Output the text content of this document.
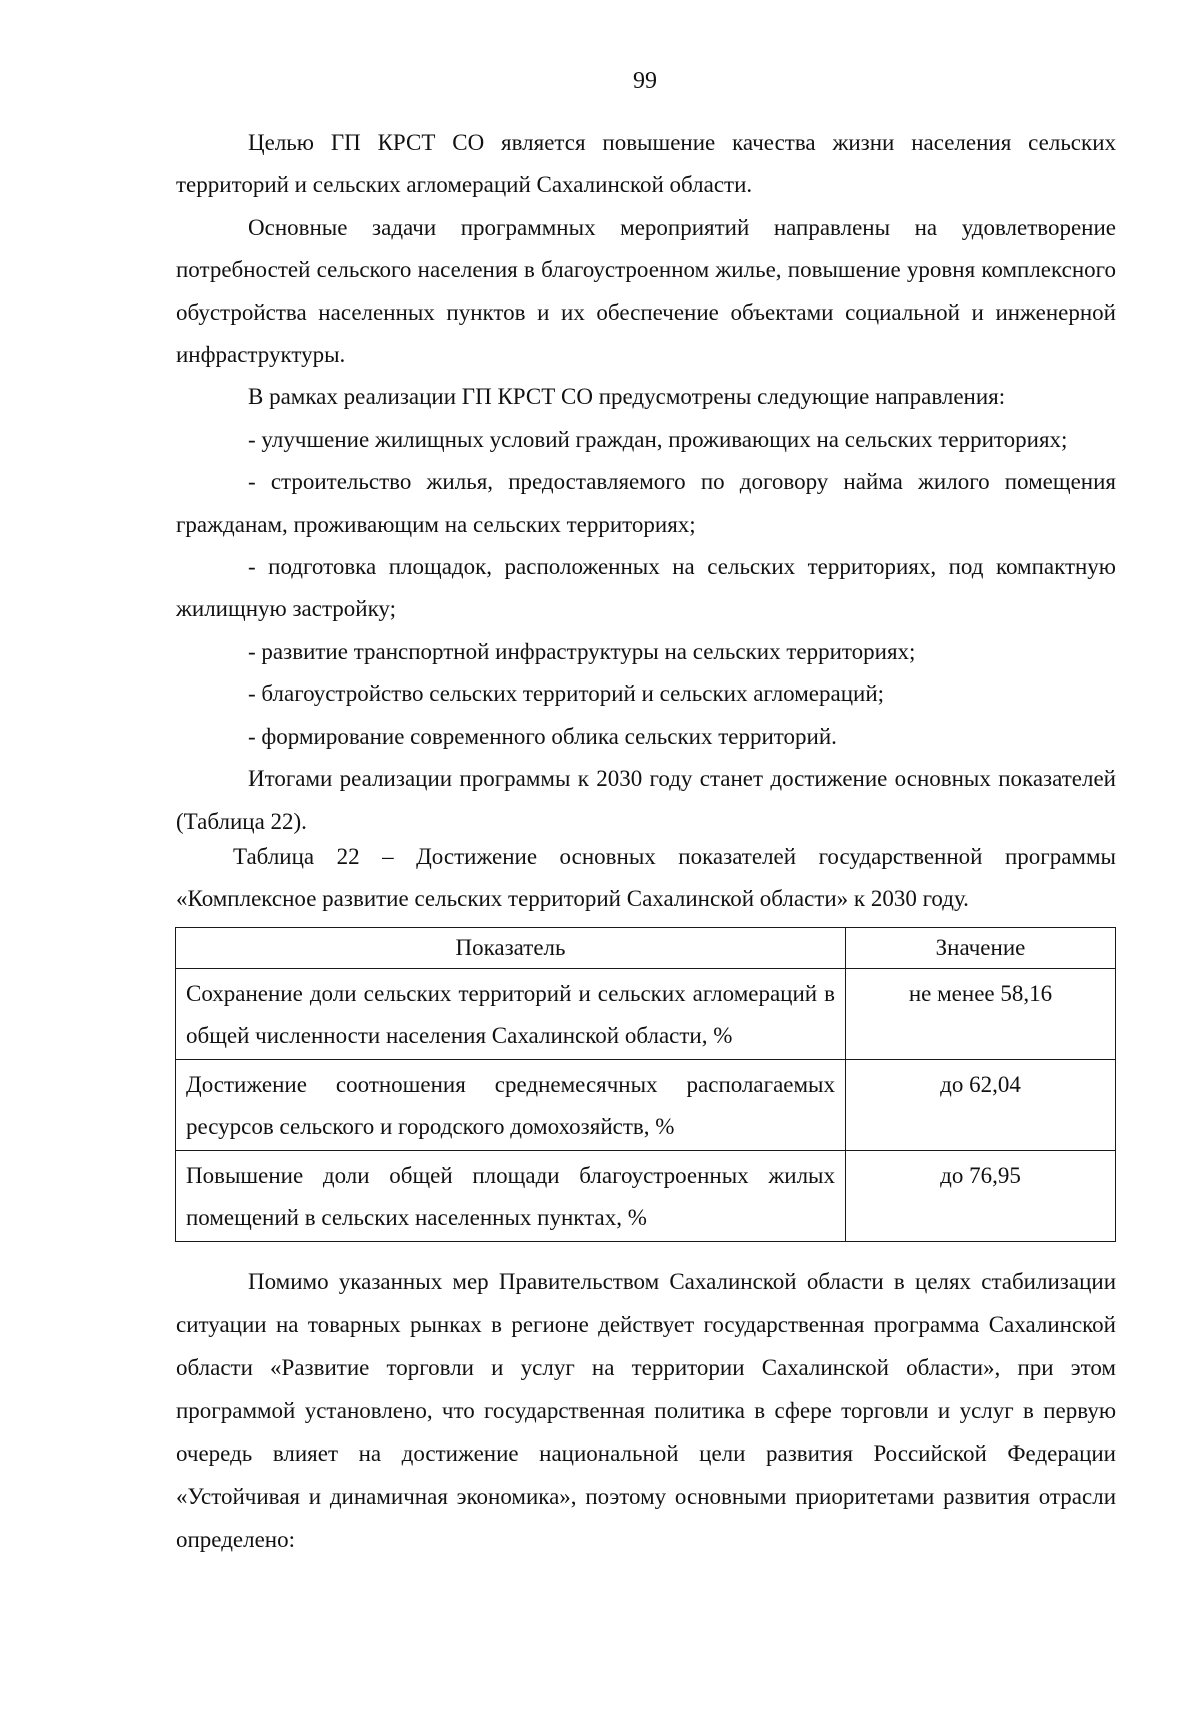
99

Целью ГП КРСТ СО является повышение качества жизни населения сельских территорий и сельских агломераций Сахалинской области.

Основные задачи программных мероприятий направлены на удовлетворение потребностей сельского населения в благоустроенном жилье, повышение уровня комплексного обустройства населенных пунктов и их обеспечение объектами социальной и инженерной инфраструктуры.

В рамках реализации ГП КРСТ СО предусмотрены следующие направления:

- улучшение жилищных условий граждан, проживающих на сельских территориях;

- строительство жилья, предоставляемого по договору найма жилого помещения гражданам, проживающим на сельских территориях;

- подготовка площадок, расположенных на сельских территориях, под компактную жилищную застройку;

- развитие транспортной инфраструктуры на сельских территориях;

- благоустройство сельских территорий и сельских агломераций;

- формирование современного облика сельских территорий.

Итогами реализации программы к 2030 году станет достижение основных показателей (Таблица 22).

Таблица 22 – Достижение основных показателей государственной программы «Комплексное развитие сельских территорий Сахалинской области» к 2030 году.

Показатель	Значение
Сохранение доли сельских территорий и сельских агломераций в общей численности населения Сахалинской области, %	не менее 58,16
Достижение соотношения среднемесячных располагаемых ресурсов сельского и городского домохозяйств, %	до 62,04
Повышение доли общей площади благоустроенных жилых помещений в сельских населенных пунктах, %	до 76,95

Помимо указанных мер Правительством Сахалинской области в целях стабилизации ситуации на товарных рынках в регионе действует государственная программа Сахалинской области «Развитие торговли и услуг на территории Сахалинской области», при этом программой установлено, что государственная политика в сфере торговли и услуг в первую очередь влияет на достижение национальной цели развития Российской Федерации «Устойчивая и динамичная экономика», поэтому основными приоритетами развития отрасли определено:
